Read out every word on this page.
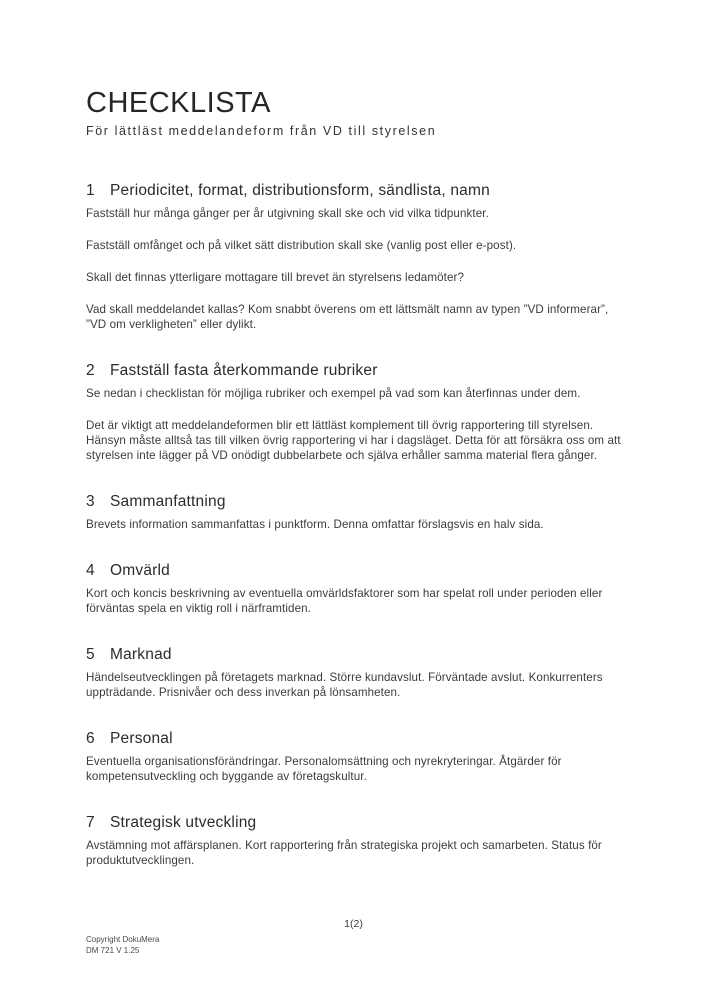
CHECKLISTA
För lättläst meddelandeform från VD till styrelsen
1 Periodicitet, format, distributionsform, sändlista, namn

Fastställ hur många gånger per år utgivning skall ske och vid vilka tidpunkter.

Fastställ omfånget och på vilket sätt distribution skall ske (vanlig post eller e-post).

Skall det finnas ytterligare mottagare till brevet än styrelsens ledamöter?

Vad skall meddelandet kallas? Kom snabbt överens om ett lättsmält namn av typen ”VD informerar”, ”VD om verkligheten” eller dylikt.

2 Fastställ fasta återkommande rubriker

Se nedan i checklistan för möjliga rubriker och exempel på vad som kan återfinnas under dem.

Det är viktigt att meddelandeformen blir ett lättläst komplement till övrig rapportering till styrelsen. Hänsyn måste alltså tas till vilken övrig rapportering vi har i dagsläget. Detta för att försäkra oss om att styrelsen inte lägger på VD onödigt dubbelarbete och själva erhåller samma material flera gånger.

3 Sammanfattning

Brevets information sammanfattas i punktform. Denna omfattar förslagsvis en halv sida.

4 Omvärld

Kort och koncis beskrivning av eventuella omvärldsfaktorer som har spelat roll under perioden eller förväntas spela en viktig roll i närframtiden.

5 Marknad

Händelseutvecklingen på företagets marknad. Större kundavslut. Förväntade avslut. Konkurrenters uppträdande. Prisnivåer och dess inverkan på lönsamheten.

6 Personal

Eventuella organisationsförändringar. Personalomsättning och nyrekryteringar. Åtgärder för kompetensutveckling och byggande av företagskultur.

7 Strategisk utveckling

Avstämning mot affärsplanen. Kort rapportering från strategiska projekt och samarbeten. Status för produktutvecklingen.

1(2)
Copyright DokuMera
DM 721 V 1.25
